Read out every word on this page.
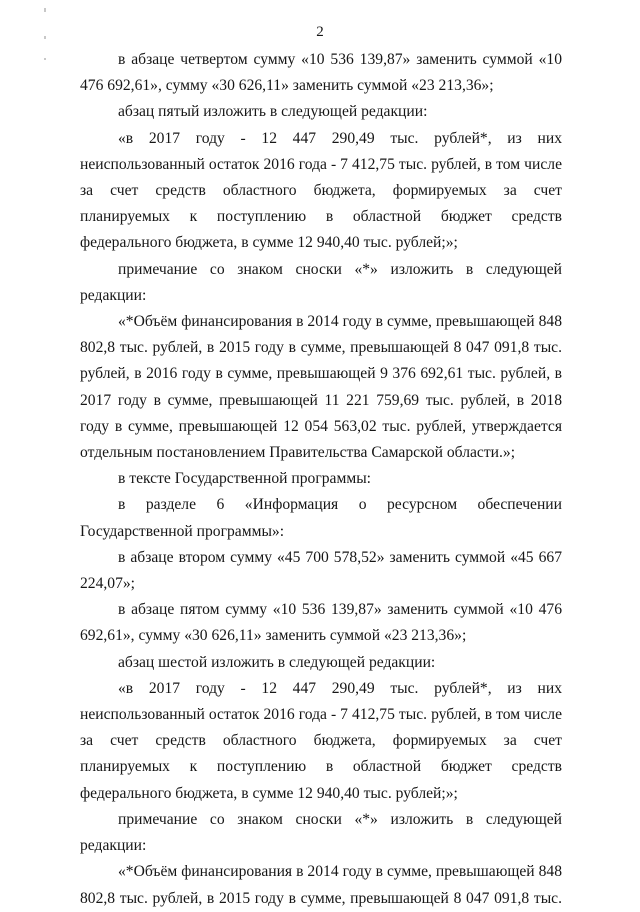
2

в абзаце четвертом сумму «10 536 139,87» заменить суммой «10 476 692,61», сумму «30 626,11» заменить суммой «23 213,36»;

абзац пятый изложить в следующей редакции:

«в 2017 году - 12 447 290,49 тыс. рублей*, из них неиспользованный остаток 2016 года - 7 412,75 тыс. рублей, в том числе за счет средств областного бюджета, формируемых за счет планируемых к поступлению в областной бюджет средств федерального бюджета, в сумме 12 940,40 тыс. рублей;»;

примечание со знаком сноски «*» изложить в следующей редакции:

«*Объём финансирования в 2014 году в сумме, превышающей 848 802,8 тыс. рублей, в 2015 году в сумме, превышающей 8 047 091,8 тыс. рублей, в 2016 году в сумме, превышающей 9 376 692,61 тыс. рублей, в 2017 году в сумме, превышающей 11 221 759,69 тыс. рублей, в 2018 году в сумме, превышающей 12 054 563,02 тыс. рублей, утверждается отдельным постановлением Правительства Самарской области.»;

в тексте Государственной программы:

в разделе 6 «Информация о ресурсном обеспечении Государственной программы»:

в абзаце втором сумму «45 700 578,52» заменить суммой «45 667 224,07»;

в абзаце пятом сумму «10 536 139,87» заменить суммой «10 476 692,61», сумму «30 626,11» заменить суммой «23 213,36»;

абзац шестой изложить в следующей редакции:

«в 2017 году - 12 447 290,49 тыс. рублей*, из них неиспользованный остаток 2016 года - 7 412,75 тыс. рублей, в том числе за счет средств областного бюджета, формируемых за счет планируемых к поступлению в областной бюджет средств федерального бюджета, в сумме 12 940,40 тыс. рублей;»;

примечание со знаком сноски «*» изложить в следующей редакции:

«*Объём финансирования в 2014 году в сумме, превышающей 848 802,8 тыс. рублей, в 2015 году в сумме, превышающей 8 047 091,8 тыс.
